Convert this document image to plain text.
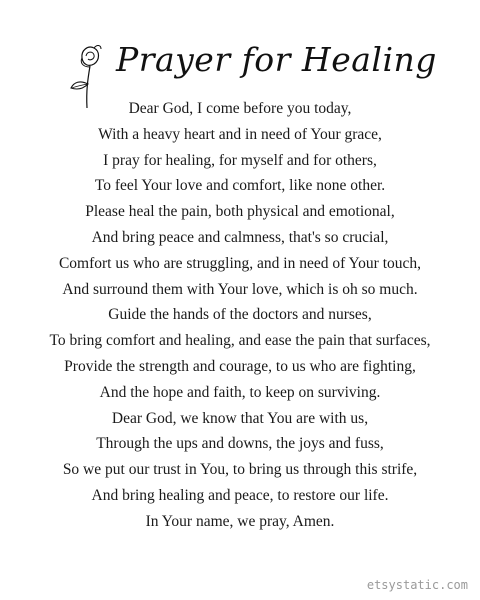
Prayer for Healing
Dear God, I come before you today,
With a heavy heart and in need of Your grace,
I pray for healing, for myself and for others,
To feel Your love and comfort, like none other.
Please heal the pain, both physical and emotional,
And bring peace and calmness, that's so crucial,
Comfort us who are struggling, and in need of Your touch,
And surround them with Your love, which is oh so much.
Guide the hands of the doctors and nurses,
To bring comfort and healing, and ease the pain that surfaces,
Provide the strength and courage, to us who are fighting,
And the hope and faith, to keep on surviving.
Dear God, we know that You are with us,
Through the ups and downs, the joys and fuss,
So we put our trust in You, to bring us through this strife,
And bring healing and peace, to restore our life.
In Your name, we pray, Amen.
etsystatic.com
